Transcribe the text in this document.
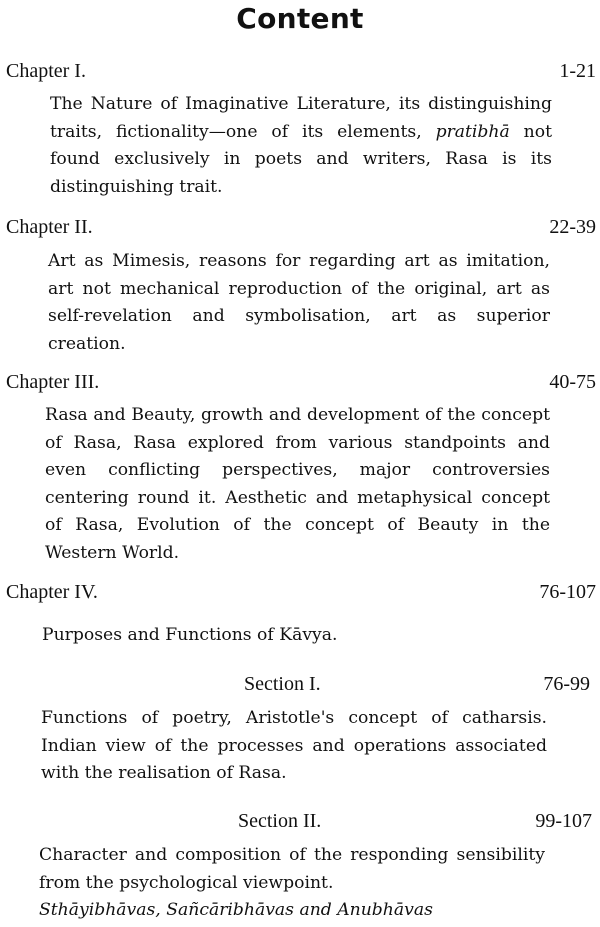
Content
Chapter I.	1-21
The Nature of Imaginative Literature, its distinguishing traits, fictionality—one of its elements, pratibhā not found exclusively in poets and writers, Rasa is its distinguishing trait.
Chapter II.	22-39
Art as Mimesis, reasons for regarding art as imitation, art not mechanical reproduction of the original, art as self-revelation and symbolisation, art as superior creation.
Chapter III.	40-75
Rasa and Beauty, growth and development of the concept of Rasa, Rasa explored from various standpoints and even conflicting perspectives, major controversies centering round it. Aesthetic and metaphysical concept of Rasa, Evolution of the concept of Beauty in the Western World.
Chapter IV.	76-107
Purposes and Functions of Kāvya.
Section I.	76-99
Functions of poetry, Aristotle's concept of catharsis. Indian view of the processes and operations associated with the realisation of Rasa.
Section II.	99-107
Character and composition of the responding sensibility from the psychological viewpoint.
Sthāyibhāvas, Sañcāribhāvas and Anubhāvas
